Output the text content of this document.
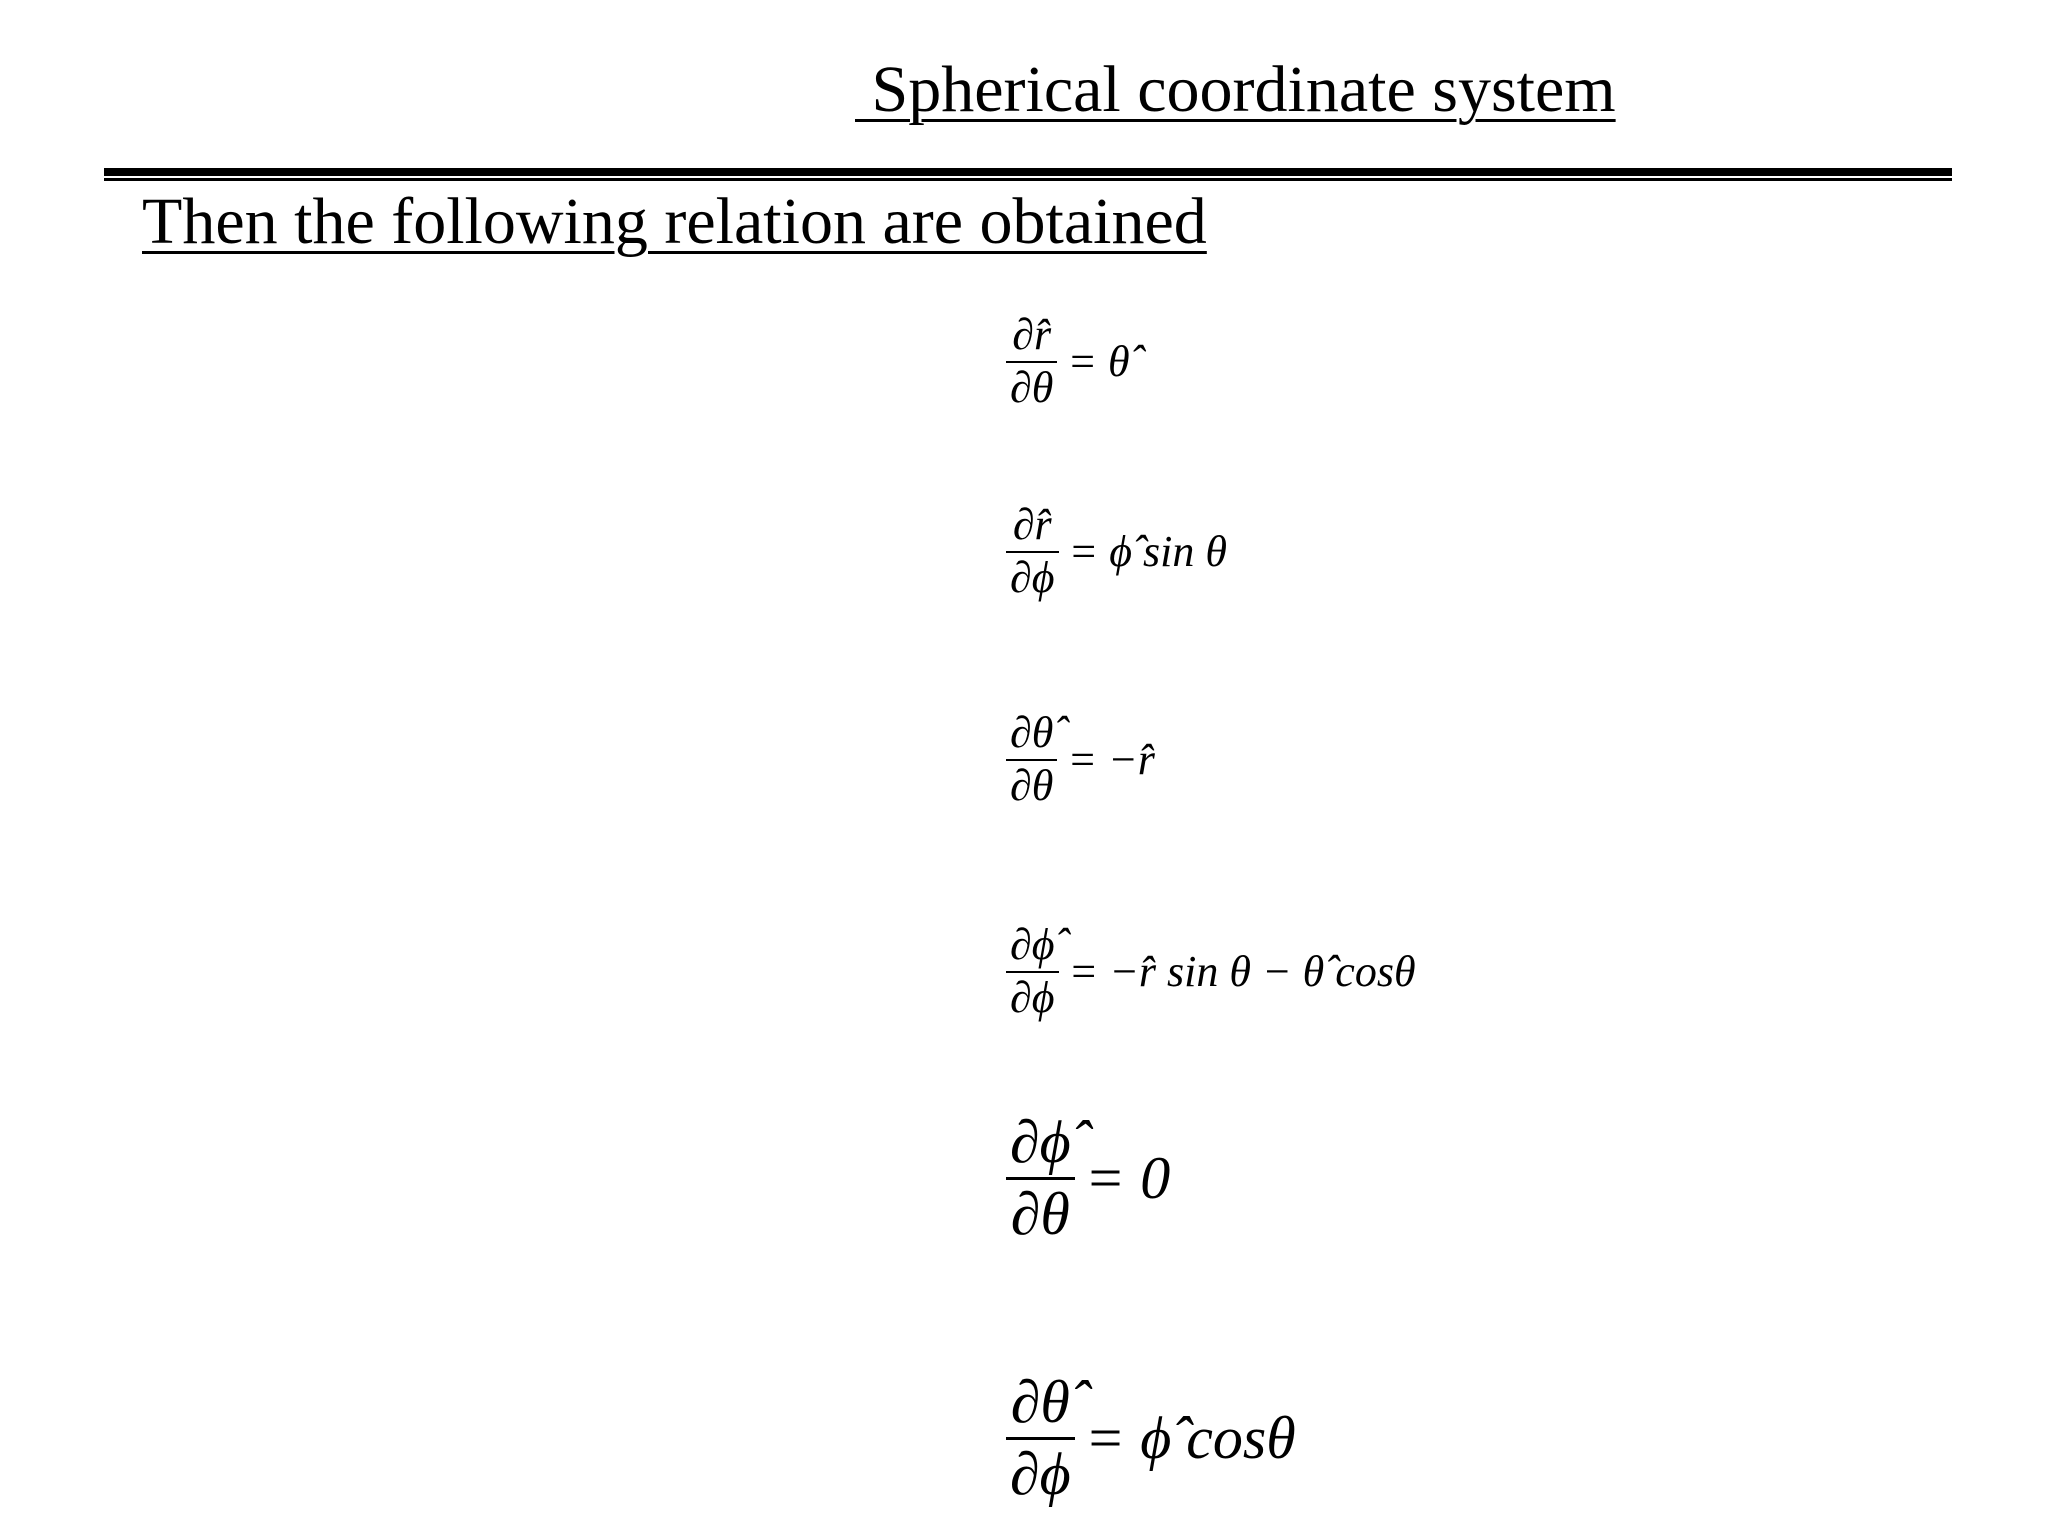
Spherical coordinate system
Then the following relation are obtained
$\frac{\partial r̂}{\partial\theta}$ = θ̂
$\frac{\partial r̂}{\partial\phi}$ = ϕ̂ sin θ
$\frac{\partial\thetâ}{\partial\theta}$ = −r̂
$\frac{\partial\phî}{\partial\phi}$ = −r̂ sin θ − θ̂ cosθ
$\frac{\partial\phî}{\partial\theta} = 0$
$\frac{\partial\thetâ}{\partial\phi}$ = ϕ̂ cosθ
